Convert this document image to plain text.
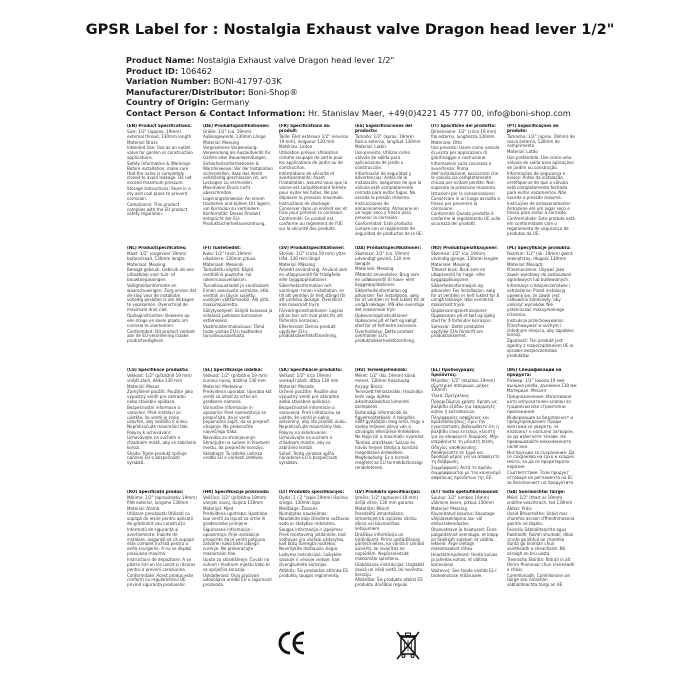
GPSR Label for : Nostalgia Exhaust valve Dragon head lever 1/2"
Product Name: Nostalgia Exhaust valve Dragon head lever 1/2"
Product ID: 106462
Variation Number: BONI-41797-03K
Manufacturer/Distributor: Boni-Shop®
Country of Origin: Germany
Contact Person & Contact Information: Hr. Stanislav Maer, +49(0)4221 45 777 00, info@boni-shop.com

(EN) Product Specifications:

Size: 1/2" (approx. 19mm) external thread, 130mm length

Material: Brass

Intended Use: Use as an outlet valve for garden or construction applications.

Safety Information & Warnings: Before installation, make sure that the valve is completely closed to avoid leakage. Do not exceed maximum pressure.

Storage Instructions: Store in a dry and cool place to prevent corrosion.

Compliance: This product complies with the EU product safety regulation.

(DE) Produktspezifikationen:

Größe: 1/2" (ca. 19mm) Außengewinde, 130mm Länge

Material: Messing

Vorgesehene Verwendung: Verwendung als Auslaufventil für Garten oder Bauanwendungen.

Sicherheitsinformationen & Warnhinweise: Vor der Installation sicherstellen, dass das Ventil vollständig geschlossen ist, um Leckagen zu vermeiden. Maximalen Druck nicht überschreiten.

Lagerungshinweise: An einem trockenen und kühlen Ort lagern, um Korrosion zu verhindern.

Konformität: Dieses Produkt entspricht der EU-Produktsicherheitsverordnung.

(FR) Spécifications du produit:

Taille: Filet extérieur 1/2" (environ 19 mm), longueur 130 mm

Matériau: Laiton

Utilisation prévue: Utilisation comme soupape de sortie pour les applications de jardin ou de construction.

Informations de sécurité et avertissements: Avant l'installation, assurez-vous que la vanne est complètement fermée pour éviter les fuites. Ne pas dépasser la pression maximale.

Instructions de stockage: Conserver dans un endroit sec et frais pour prévenir la corrosion.

Conformité: Ce produit est conforme au règlement de l'UE sur la sécurité des produits.

(ES) Especificaciones del producto:

Tamaño: 1/2" (aprox. 19mm) Rosca externa, longitud 130mm

Material: Latón

Uso previsto: Utilizar como válvula de salida para aplicaciones de jardín o construcción.

Información de seguridad y advertencias: Antes de la instalación, asegúrese de que la válvula esté completamente cerrada para evitar fugas. No exceda la presión máxima.

Instrucciones de almacenamiento: Almacene en un lugar seco y fresco para prevenir la corrosión.

Conformidad: Este producto cumple con el reglamento de seguridad de productos de la UE.

(IT) Specifiche del prodotto:

Dimensione: 1/2" (circa 19 mm) filo esterno, lunghezza 130mm

Materiale: Otto

Uso previsto: Usare come valvola di uscita per applicazioni di giardinaggio o costruzione.

Informazioni sulla sicurezza e avvertenze: Prima dell'installazione, assicurarsi che la valvola sia completamente chiusa per evitare perdite. Non superare la pressione massima.

Istruzioni per la conservazione: Conservare in un luogo asciutto e fresco per prevenire la corrosione.

Conformità: Questo prodotto è conforme al regolamento UE sulla sicurezza dei prodotti.

(PT) Especificações do produto:

Tamanho: 1/2" (aprox. 19mm) de rosca externa, 130mm de comprimento

Material: Latão

Uso pretendido: Use como uma válvula de saída para aplicações de jardim ou construção.

Informações de segurança e avisos: Antes da instalação, certifique-se de que a válvula está completamente fechada para evitar vazamentos. Não exceda a pressão máxima.

Instruções de armazenamento: Armazene em um lugar seco e fresco para evitar a corrosão.

Conformidade: Este produto está em conformidade com o regulamento de segurança de produtos da UE.

(NL) Productspecificaties:

Maat: 1/2" (ongeveer 19mm) buitendraad, 130mm lengte

Materiaal: Messing

Beoogd gebruik: Gebruik als een uitlaatklep voor tuin- of bouwtoepassingen.

Veiligheidsinformatie en waarschuwingen: Zorg ervoor dat de klep voor de installatie volledig gesloten is om lekkages te voorkomen. Overschrijd de maximale druk niet.

Opslaginstructies: Bewaren op een droge en koele plaats om corrosie te voorkomen.

Conformiteit: Dit product voldoet aan de EU-verordening inzake productveiligheid.

(FI) Tuotetiedot:

Koko: 1/2" (noin 19mm) ulkokierre, 130mm pituus

Materiaali: Messinki

Tarkoitettu käyttö: Käytä venttiilinä puutarha- tai rakennussovelluksiin.

Turvallisuustiedot ja varoitukset: Ennen asennusta varmista, että venttiili on täysin suljettu vuotojen välttämiseksi. Älä ylitä maksimipainetta.

Säilytysohjeet: Säilytä kuivassa ja viileässä paikassa korroosion estämiseksi.

Vaatimustenmukaisuus: Tämä tuote vastaa EU:n tuotteiden turvallisuusasetusta.

(SV) Produktspecifikationer:

Storlek: 1/2" (cirka 19 mm) yttre tråd, 130 mm längd

Material: Mässing

Avsedd användning: Använd som en utloppsventil för trädgårds- eller byggapplikationer.

Säkerhetsinformation och varningar: Innan installation, se till att ventilen är helt stängd för att undvika läckage. Överskrid inte maximalt tryck.

Förvaringsinstruktioner: Lagras på en torr och sval plats för att förhindra korrosion.

Efterlevnad: Denna produkt uppfyller EU:s produktsäkerhetsförordning.

(DA) Produktspecifikationer:

Størrelse: 1/2" (ca. 19mm) udvendigt gevind, 130 mm længde

Materiale: Messing

Påtænkt anvendelse: Brug som en udløbsventil til have- eller byggeapplikationer.

Sikkerhedsinformation og advarsler: Før installation, sørg for at ventilen er helt lukket for at undgå lækager. Må ikke overstige det maksimale tryk.

Opbevaringsinstruktioner: Opbevares på et tørt og køligt sted for at forhindre korrosion.

Overholdelse: Dette produkt overholder EU's produktsikkerhedsforordning.

(NO) Produktspesifikasjoner:

Størrelse: 1/2" (ca. 19mm) utvendig gjenge, 130mm lengde

Materiale: Messing

Tiltenkt bruk: Bruk som en utløpsventil for hage- eller byggapplikasjoner.

Sikkerhetsinformasjon og advarsler: Før installasjon, sørg for at ventilen er helt lukket for å unngå lekkasje. Ikke overskrid maksimalt trykk.

Oppbevaringsinstruksjoner: Oppbevares på et tørt og kjølig sted for å forhindre korrosjon.

Samsvar: Dette produktet oppfyller EUs forskrift om produktsikkerhet.

(PL) Specyfikacje produktu:

Rozmiar: 1/2" (ok. 19mm) gwint zewnętrzny, długość 130mm

Materiał: Mosiądz

Przeznaczenie: Używać jako zawór wylotowy do zastosowań ogrodowych lub budowlanych.

Informacje o bezpieczeństwie i ostrzeżenia: Przed instalacją upewnij się, że zawór jest całkowicie zamknięty, aby uniknąć wycieków. Nie przekraczać maksymalnego ciśnienia.

Instrukcje przechowywania: Przechowywać w suchym i chłodnym miejscu, aby zapobiec korozji.

Zgodność: Ten produkt jest zgodny z rozporządzeniem UE w sprawie bezpieczeństwa produktów.

(CS) Specifikace produktu:

Velikost: 1/2" (přibližně 19 mm) vnější závit, délka 130 mm

Materiál: Mosaz

Zamýšlené použití: Použijte jako výpustný ventil pro zahradní nebo stavební aplikace.

Bezpečnostní informace a varování: Před instalací se ujistěte, že ventil je zcela uzavřen, aby nedošlo k úniku. Nepřekračujte maximální tlak.

Pokyny k uchovávání: Uchovávejte na suchém a chladném místě, aby se zabránilo korozi.

Shoda: Tento produkt splňuje nařízení EU o bezpečnosti výrobků.

(SL) Specifikacije izdelka:

Velikost: 1/2" (približno 19 mm) zunanji navoj, dolžina 130 mm

Material: Medenina

Predvidena uporaba: Uporaba kot ventil za izhod za vrtne ali gradbene namene.

Varnostne informacije in opozorila: Pred namestitvijo se prepričajte, da je ventil popolnoma zaprt, da se prepreči uhajanje. Ne prekoračite največjega tlaka.

Navodila za shranjevanje: Shranjujte na suhem in hladnem mestu, da preprečite korozijo.

Skladnost: Ta izdelek ustreza uredbi EU o varnosti izdelkov.

(SK) Špecifikácie produktu:

Veľkosť: 1/2" (cca 19mm) vonkajší závit, dĺžka 130 mm

Materiál: Mosadz

Určené použitie: Použite ako výpustný ventil pre záhradné alebo stavebné aplikácie.

Bezpečnostné informácie a varovania: Pred inštaláciou sa uistite, že ventil je úplne zatvorený, aby ste predišli úniku. Neprekračujte maximálny tlak.

Pokyny na skladovanie: Uchovávajte na suchom a chladnom mieste, aby sa zabránilo korózii.

Súlad: Tento výrobok spĺňa nariadenie EÚ o bezpečnosti výrobkov.

(HU) Termékjellemzők:

Méret: 1/2" (kb. 19mm) külső menet, 130mm hosszúság

Anyag: Bronz

Tervezett felhasználás: Használja kerti vagy építési alkalmazásokhoz kimeneti szelepként.

Biztonsági információk és figyelmeztetések: A telepítés előtt győződjön meg arról, hogy a szelep teljesen zárva van a szivárgás elkerülése érdekében. Ne lépje túl a maximális nyomást.

Tárolási utasítások: Száraz és hűvös helyen tárolja a korrózió megelőzése érdekében.

Megfelelőség: Ez a termék megfelel az EU termékbiztonsági rendeletének.

(EL) Προδιαγραφές προϊόντος:

Μέγεθος: 1/2" (περίπου 19mm) εξωτερικό σπείρωμα, μήκος 130mm

Υλικό: Ορείχαλκος

Προοριζόμενη χρήση: Χρήση ως βαλβίδα εξόδου για εφαρμογές κήπου ή κατασκευών.

Πληροφορίες ασφάλειας και προειδοποιήσεις: Πριν την εγκατάσταση, βεβαιωθείτε ότι η βαλβίδα είναι εντελώς κλειστή για να αποφύγετε διαρροές. Μην υπερβαίνετε τη μέγιστη πίεση.

Οδηγίες αποθήκευσης: Αποθηκεύστε σε ξηρό και δροσερό μέρος για να αποφύγετε τη διάβρωση.

Συμμόρφωση: Αυτό το προϊόν συμμορφώνεται με τον κανονισμό ασφάλειας προϊόντων της ΕΕ.

(BG) Спецификации на продукта:

Размер: 1/2" (около 19 мм) външна резба, дължина 130 мм

Материал: Месинг

Предназначение: Използване като изпускателен клапан за градински или строителни приложения.

Информация за безопасност и предупреждения: Преди монтажа се уверете, че клапанът е напълно затворен, за да избегнете течове. Не превишавайте максималното налягане.

Инструкции за съхранение: Да се съхранява на сухо и хладно място, за да се предотврати корозия.

Съответствие: Този продукт отговаря на регламента на ЕС за безопасност на продуктите.

(RO) Specificații produs:

Mărime: 1/2" (aproximativ 19mm) filet exterior, lungime 130mm

Material: Alamă

Utilizare prevăzută: Utilizați ca supapă de ieșire pentru aplicații de grădinărit sau construcții.

Informații de siguranță și avertismente: Înainte de instalare, asigurați-vă că supapa este complet închisă pentru a evita scurgerile. A nu se depăși presiunea maximă.

Instrucțiuni de depozitare: A se păstra într-un loc uscat și răcoros pentru a preveni coroziunea.

Conformitate: Acest produs este conform cu regulamentul UE privind siguranța produselor.

(HR) Specifikacije proizvoda:

Veličina: 1/2" (približno 19mm) vanjski navoj, duljina 130mm

Materijal: Mjed

Predviđena upotreba: Upotreba kao ventil za ispust za vrtne ili građevinske primjene.

Sigurnosne informacije i upozorenja: Prije instalacije provjerite da je ventil potpuno zatvoren kako biste izbjegli curenje. Ne prekoračujte maksimalni tlak.

Upute za skladištenje: Čuvati na suhom i hladnom mjestu kako bi se spriječila korozija.

Usklađenost: Ovaj proizvod udovoljava uredbi EU o sigurnosti proizvoda.

(LT) Produkto specifikacijos:

Dydis: 1 / 2 "(apie 19mm) išorinis sriegis, 130mm ilgis

Medžiaga: Žalvaris

Numatytas naudojimas: Naudokite kaip išleidimo vožtuvas sodo ar statybos reikmėms.

Saugos informacija ir įspėjimai: Prieš montavimą įsitikinkite, kad vožtuvas yra visiškai uždarytas, kad būtų išvengta nuotėkio. Neviršykite didžiausio slėgio.

Laikymo instrukcijos: Laikykite sausoje ir vėsioje vietoje, kad išvengtumėte korozijos.

Atitiktis: Šis produktas atitinka ES produktų saugos reglamentą.

(LV) Produkta specifikācijas:

Izmērs: 1/2" (aptuveni 19 mm) ārējā vītne, 130 mm garums

Materiāls: Misiņš

Paredzētā izmantošana: Izmantojiet kā izplūdes vārstu dārza vai būvniecības lietojumiem.

Drošības informācija un brīdinājumi: Pirms uzstādīšanas pārliecinieties, ka vārsts ir pilnībā aizvērts, lai izvairītos no noplūdēm. Nepārsniedziet maksimālo spiedienu.

Glabāšanas instrukcijas: Uzglabāt sausā un vēsā vietā, lai novērstu koroziju.

Atbilstība: Šis produkts atbilst ES produktu drošības regulai.

(ET) Toote spetsifikatsioonid:

Suurus: 1/2" (umbes 19mm) välimine keere, pikkus 130mm

Materjal: Messing

Kavandatud kasutus: Kasutage väljalaskeklapina aia- või ehitusrakendustes.

Ohutusteave ja hoiatused: Enne paigaldamist veenduge, et klapp on täielikult suletud, et vältida lekkeid. Ärge ületage maksimaalset rõhku.

Hoiustamisjuhised: Hoida kuivas ja jahedas kohas, et vältida korrosiooni.

Vastavus: See toode vastab EL-i tooteohutuse määrusele.

(GA) Sonraíochtaí Táirge:

Méid: 1/2" (thart ar 19mm) snáithe seachtrach, fad 130mm

Ábhar: Práis

Úsáid Bheartaithe: Úsáid mar chomhla asraon d'fheidhmeanna gairdín nó tógála.

Faisnéis Sábháilteachta agus Rabhaidh: Roimh shuiteáil, déan cinnte go bhfuil an chomhla dúnta go hiomlán chun sceitheadh a sheachaint. Ná sáraigh an brú uasta.

Treoracha Stórála: Stóráil in áit thirim fhionnuar chun creimeadh a chosc.

Comhlíonadh: Comhlíonann an táirge seo rialachán sábháilteachta táirgí an AE.
